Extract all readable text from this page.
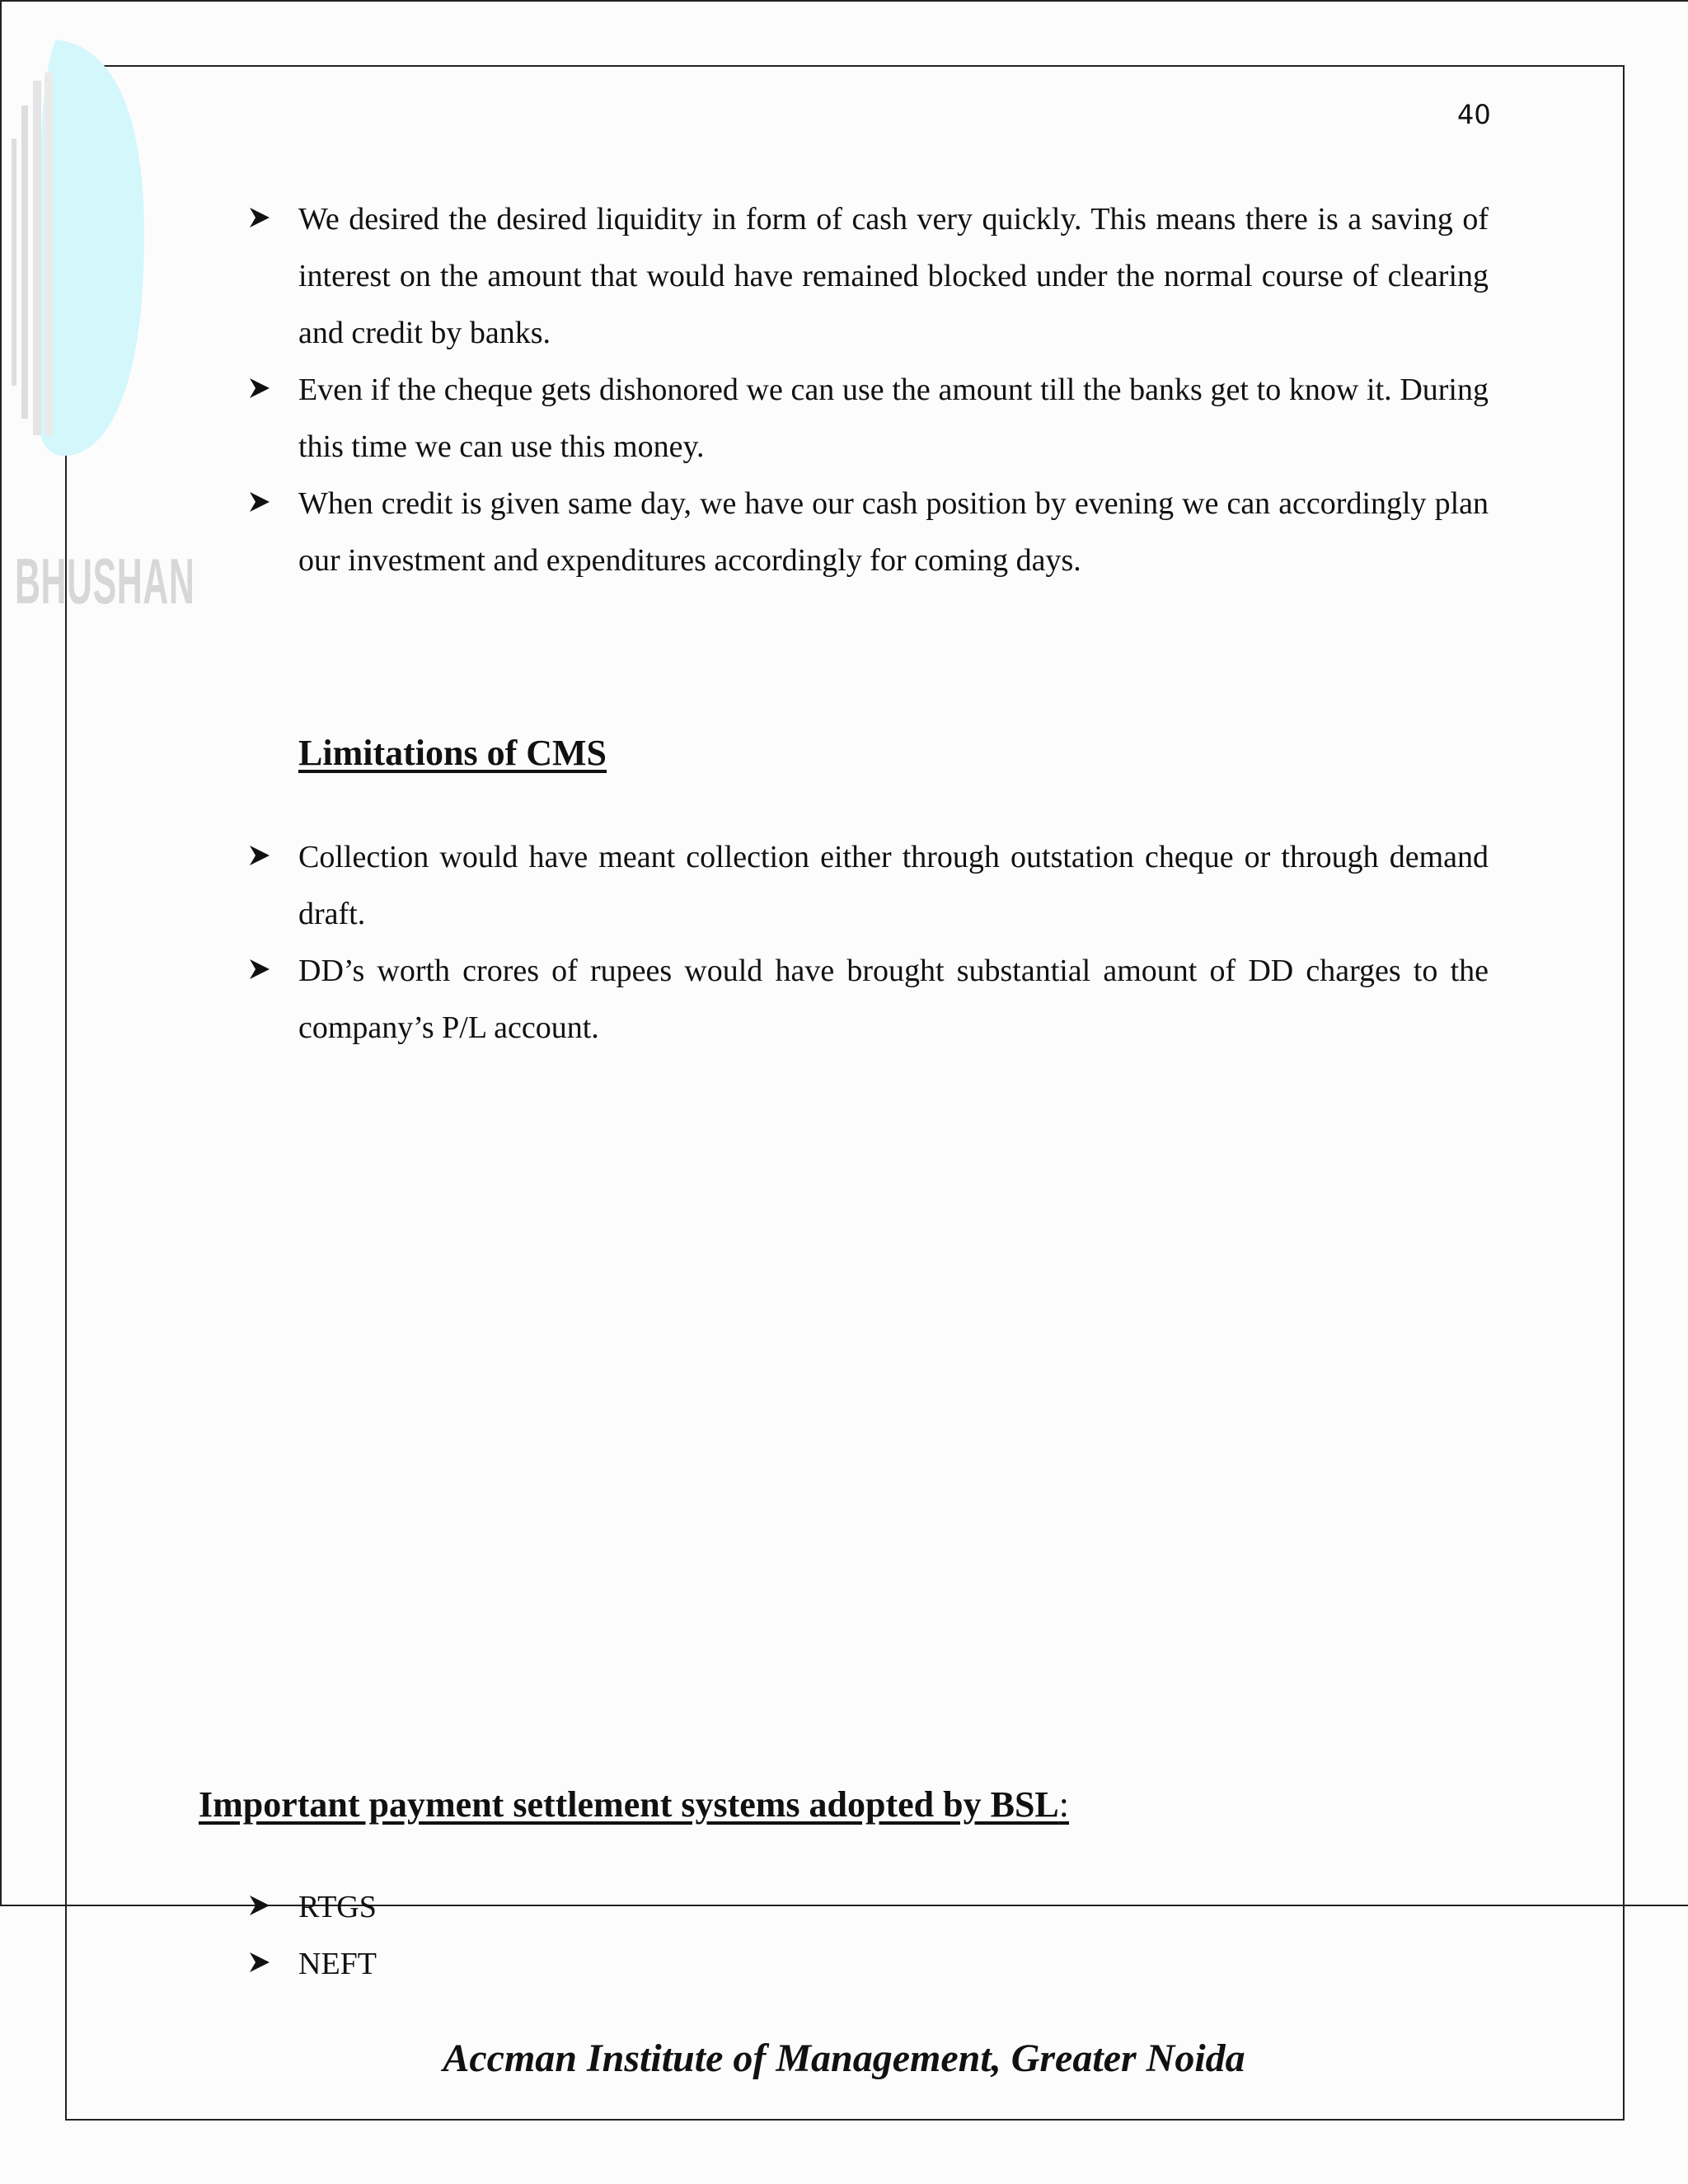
BHUSHAN
40
We desired the desired liquidity in form of cash very quickly. This means there is a saving of interest on the amount that would have remained blocked under the normal course of clearing and credit by banks.
Even if the cheque gets dishonored we can use the amount till the banks get to know it. During this time we can use this money.
When credit is given same day, we have our cash position by evening we can accordingly plan our investment and expenditures accordingly for coming days.
Limitations of CMS
Collection would have meant collection either through outstation cheque or through demand draft.
DD’s worth crores of rupees would have brought substantial amount of DD charges to the company’s P/L account.
Important payment settlement systems adopted by BSL:
RTGS
NEFT
Accman Institute of Management, Greater Noida
